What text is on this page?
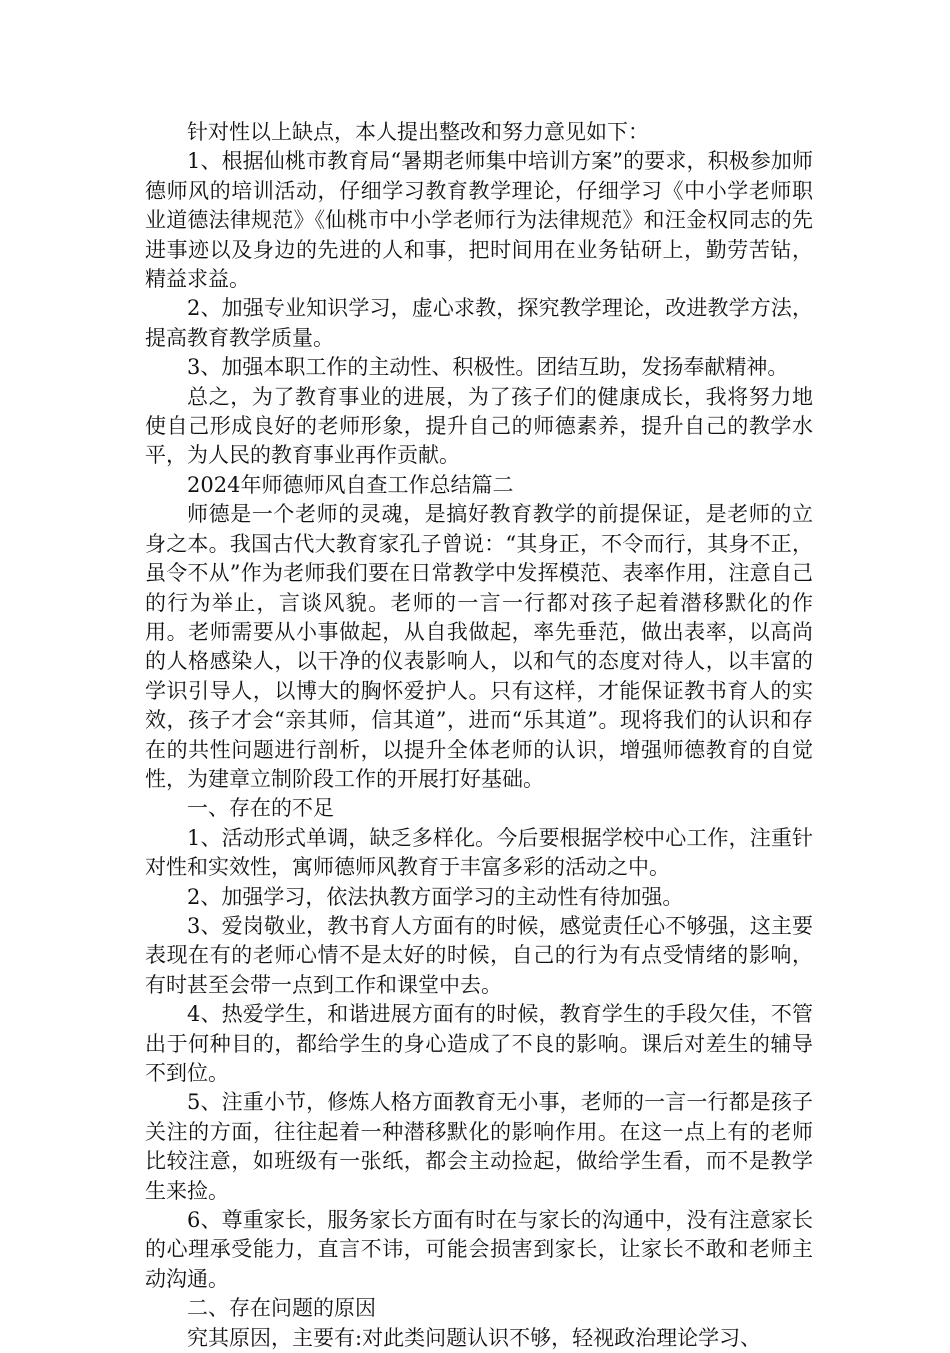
针对性以上缺点，本人提出整改和努力意见如下：

1、根据仙桃市教育局“暑期老师集中培训方案”的要求，积极参加师德师风的培训活动，仔细学习教育教学理论，仔细学习《中小学老师职业道德法律规范》《仙桃市中小学老师行为法律规范》和汪金权同志的先进事迹以及身边的先进的人和事，把时间用在业务钻研上，勤劳苦钻，精益求益。

2、加强专业知识学习，虚心求教，探究教学理论，改进教学方法，提高教育教学质量。

3、加强本职工作的主动性、积极性。团结互助，发扬奉献精神。

总之，为了教育事业的进展，为了孩子们的健康成长，我将努力地使自己形成良好的老师形象，提升自己的师德素养，提升自己的教学水平，为人民的教育事业再作贡献。

2024年师德师风自查工作总结篇二

师德是一个老师的灵魂，是搞好教育教学的前提保证，是老师的立身之本。我国古代大教育家孔子曾说：“其身正，不令而行，其身不正，虽令不从”作为老师我们要在日常教学中发挥模范、表率作用，注意自己的行为举止，言谈风貌。老师的一言一行都对孩子起着潜移默化的作用。老师需要从小事做起，从自我做起，率先垂范，做出表率，以高尚的人格感染人，以干净的仪表影响人，以和气的态度对待人，以丰富的学识引导人，以博大的胸怀爱护人。只有这样，才能保证教书育人的实效，孩子才会“亲其师，信其道”，进而“乐其道”。现将我们的认识和存在的共性问题进行剖析，以提升全体老师的认识，增强师德教育的自觉性，为建章立制阶段工作的开展打好基础。

一、存在的不足

1、活动形式单调，缺乏多样化。今后要根据学校中心工作，注重针对性和实效性，寓师德师风教育于丰富多彩的活动之中。

2、加强学习，依法执教方面学习的主动性有待加强。

3、爱岗敬业，教书育人方面有的时候，感觉责任心不够强，这主要表现在有的老师心情不是太好的时候，自己的行为有点受情绪的影响，有时甚至会带一点到工作和课堂中去。

4、热爱学生，和谐进展方面有的时候，教育学生的手段欠佳，不管出于何种目的，都给学生的身心造成了不良的影响。课后对差生的辅导不到位。

5、注重小节，修炼人格方面教育无小事，老师的一言一行都是孩子关注的方面，往往起着一种潜移默化的影响作用。在这一点上有的老师比较注意，如班级有一张纸，都会主动捡起，做给学生看，而不是教学生来捡。

6、尊重家长，服务家长方面有时在与家长的沟通中，没有注意家长的心理承受能力，直言不讳，可能会损害到家长，让家长不敢和老师主动沟通。

二、存在问题的原因

究其原因，主要有:对此类问题认识不够，轻视政治理论学习、
